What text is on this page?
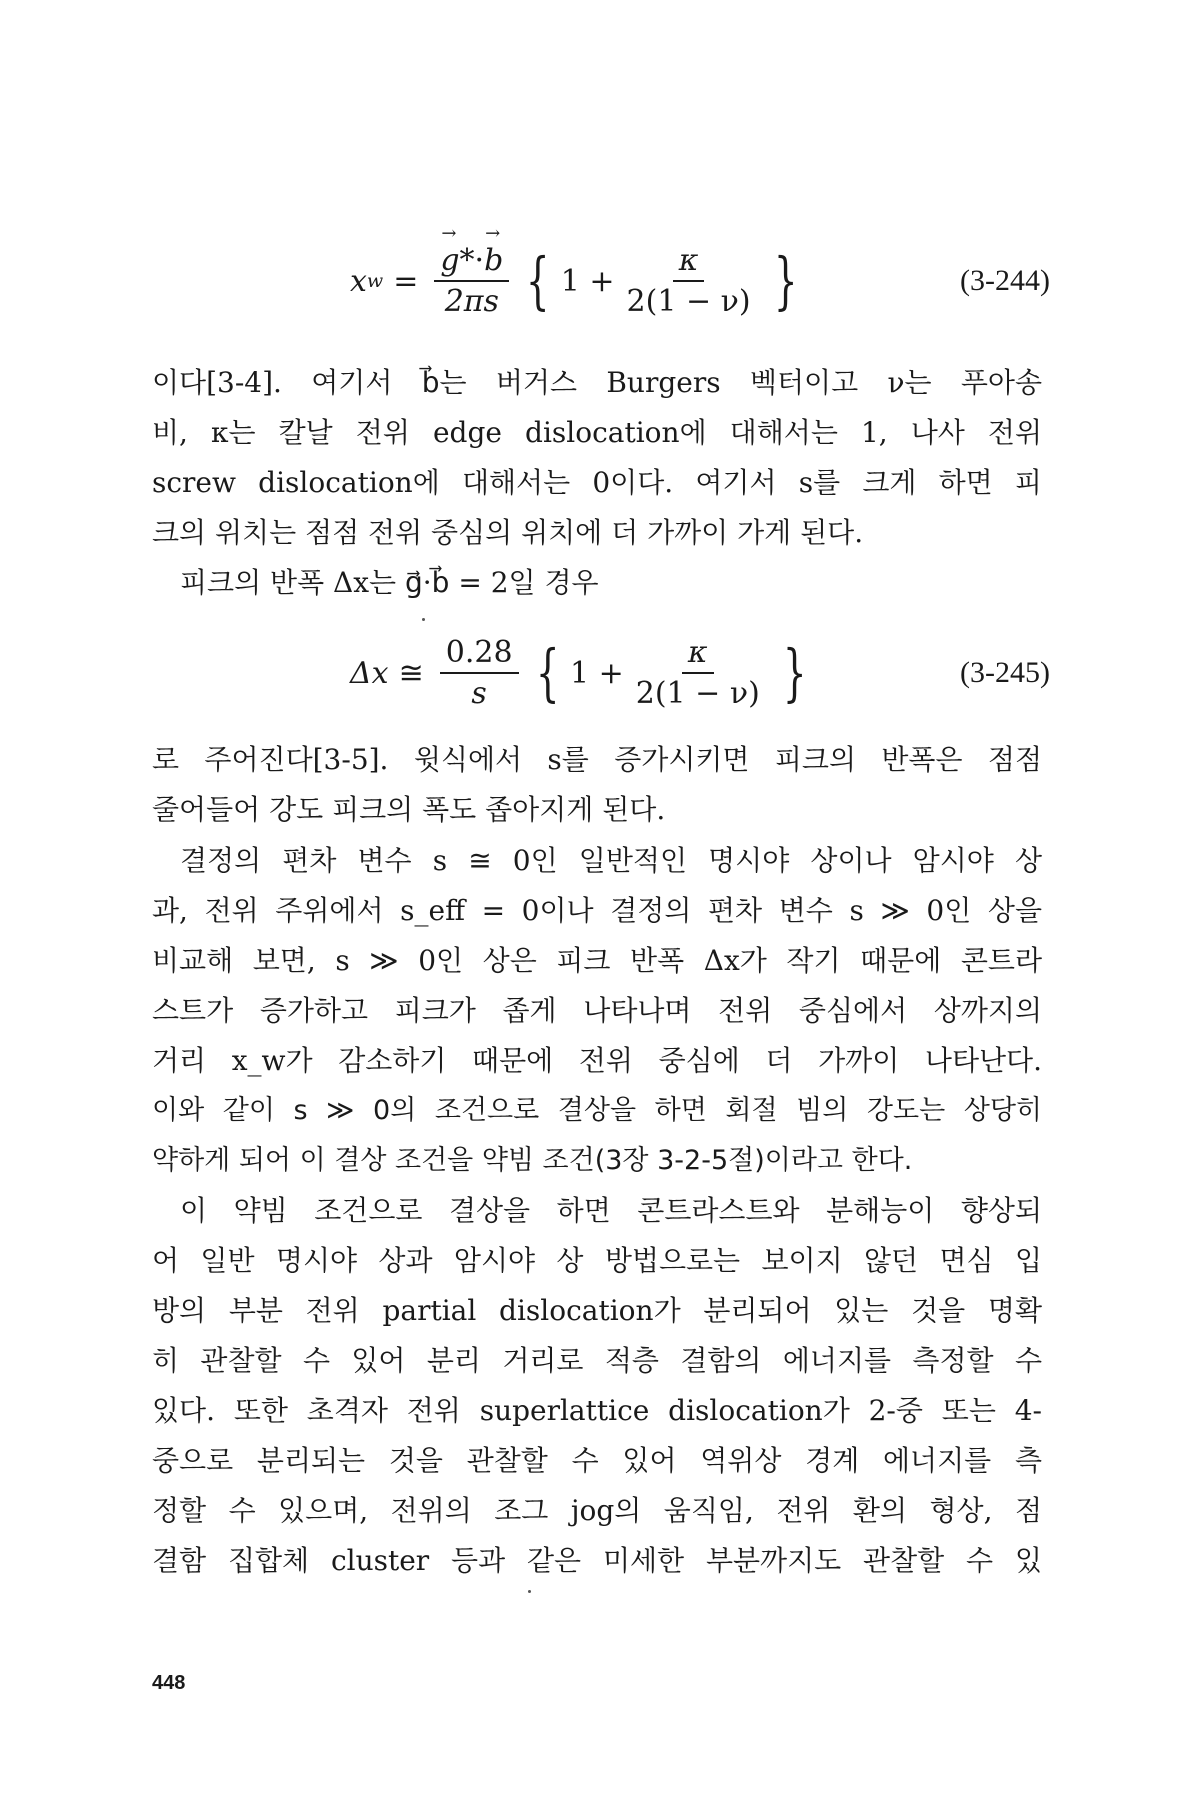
x w =
→ $\frac{g*\cdot\to b}{2\pi s}$ { $1 + \frac{\kappa}{2(1 - \nu)}$ }	(3-244)
이다[3-4]. 여기서 b⃗는 버거스 Burgers 벡터이고 ν는 푸아송
비, κ는 칼날 전위 edge dislocation에 대해서는 1, 나사 전위
screw dislocation에 대해서는 0이다. 여기서 s를 크게 하면 피
크의 위치는 점점 전위 중심의 위치에 더 가까이 가게 된다.
피크의 반폭 Δx는 g⃗·b⃗ = 2일 경우
Δx ≅ $\frac{0.28}{s}$ { $1 + \frac{\kappa}{2(1 - \nu)}$ }	(3-245)
로 주어진다[3-5]. 윗식에서 s를 증가시키면 피크의 반폭은 점점
줄어들어 강도 피크의 폭도 좁아지게 된다.
결정의 편차 변수 s ≅ 0인 일반적인 명시야 상이나 암시야 상
과, 전위 주위에서 s_eff = 0이나 결정의 편차 변수 s ≫ 0인 상을
비교해 보면, s ≫ 0인 상은 피크 반폭 Δx가 작기 때문에 콘트라
스트가 증가하고 피크가 좁게 나타나며 전위 중심에서 상까지의
거리 x_w가 감소하기 때문에 전위 중심에 더 가까이 나타난다.
이와 같이 s ≫ 0의 조건으로 결상을 하면 회절 빔의 강도는 상당히
약하게 되어 이 결상 조건을 약빔 조건(3장 3-2-5절)이라고 한다.
이 약빔 조건으로 결상을 하면 콘트라스트와 분해능이 향상되
어 일반 명시야 상과 암시야 상 방법으로는 보이지 않던 면심 입
방의 부분 전위 partial dislocation가 분리되어 있는 것을 명확
히 관찰할 수 있어 분리 거리로 적층 결함의 에너지를 측정할 수
있다. 또한 초격자 전위 superlattice dislocation가 2-중 또는 4-
중으로 분리되는 것을 관찰할 수 있어 역위상 경계 에너지를 측
정할 수 있으며, 전위의 조그 jog의 움직임, 전위 환의 형상, 점
결함 집합체 cluster 등과 같은 미세한 부분까지도 관찰할 수 있
448
